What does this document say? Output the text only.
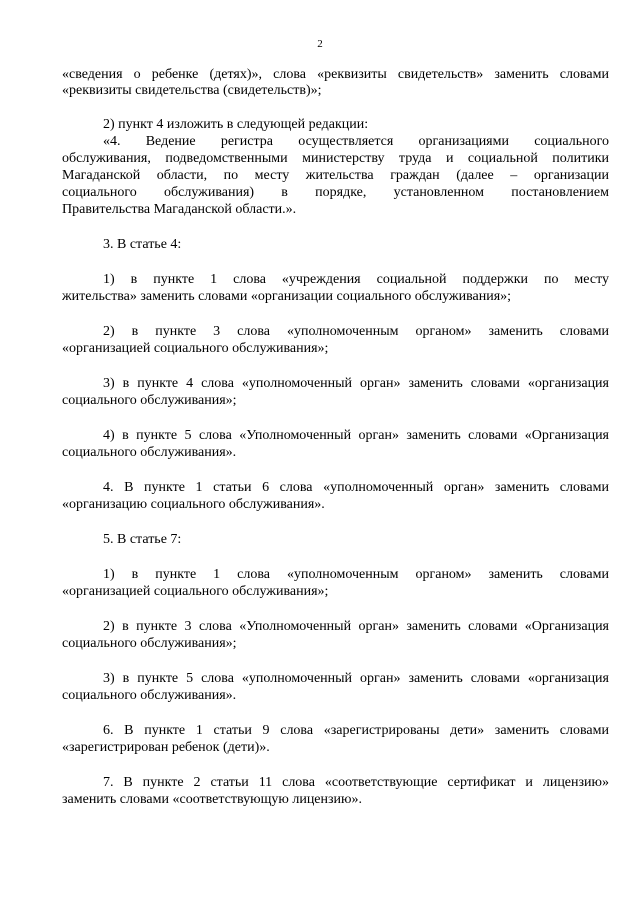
2
«сведения о ребенке (детях)», слова «реквизиты свидетельств» заменить словами
«реквизиты свидетельства (свидетельств)»;
2) пункт 4 изложить в следующей редакции:
«4. Ведение регистра осуществляется организациями социального
обслуживания, подведомственными министерству труда и социальной политики
Магаданской области, по месту жительства граждан (далее – организации
социального обслуживания) в порядке, установленном постановлением
Правительства Магаданской области.».
3. В статье 4:
1) в пункте 1 слова «учреждения социальной поддержки по месту
жительства» заменить словами «организации социального обслуживания»;
2) в пункте 3 слова «уполномоченным органом» заменить словами
«организацией социального обслуживания»;
3) в пункте 4 слова «уполномоченный орган» заменить словами «организация
социального обслуживания»;
4) в пункте 5 слова «Уполномоченный орган» заменить словами «Организация
социального обслуживания».
4. В пункте 1 статьи 6 слова «уполномоченный орган» заменить словами
«организацию социального обслуживания».
5. В статье 7:
1) в пункте 1 слова «уполномоченным органом» заменить словами
«организацией социального обслуживания»;
2) в пункте 3 слова «Уполномоченный орган» заменить словами «Организация
социального обслуживания»;
3) в пункте 5 слова «уполномоченный орган» заменить словами «организация
социального обслуживания».
6. В пункте 1 статьи 9 слова «зарегистрированы дети» заменить словами
«зарегистрирован ребенок (дети)».
7. В пункте 2 статьи 11 слова «соответствующие сертификат и лицензию»
заменить словами «соответствующую лицензию».
